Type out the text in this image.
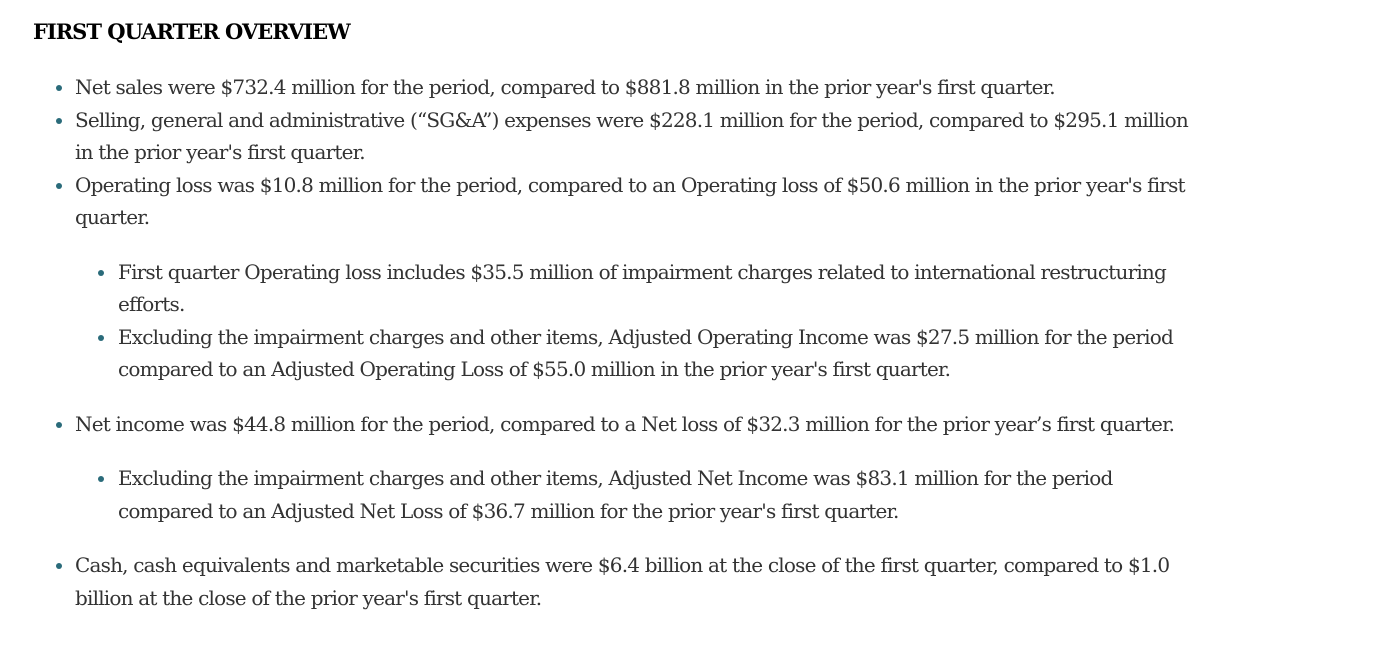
FIRST QUARTER OVERVIEW
Net sales were $732.4 million for the period, compared to $881.8 million in the prior year's first quarter.
Selling, general and administrative (“SG&A”) expenses were $228.1 million for the period, compared to $295.1 million in the prior year's first quarter.
Operating loss was $10.8 million for the period, compared to an Operating loss of $50.6 million in the prior year's first quarter.
First quarter Operating loss includes $35.5 million of impairment charges related to international restructuring efforts.
Excluding the impairment charges and other items, Adjusted Operating Income was $27.5 million for the period compared to an Adjusted Operating Loss of $55.0 million in the prior year's first quarter.
Net income was $44.8 million for the period, compared to a Net loss of $32.3 million for the prior year’s first quarter.
Excluding the impairment charges and other items, Adjusted Net Income was $83.1 million for the period compared to an Adjusted Net Loss of $36.7 million for the prior year's first quarter.
Cash, cash equivalents and marketable securities were $6.4 billion at the close of the first quarter, compared to $1.0 billion at the close of the prior year's first quarter.
